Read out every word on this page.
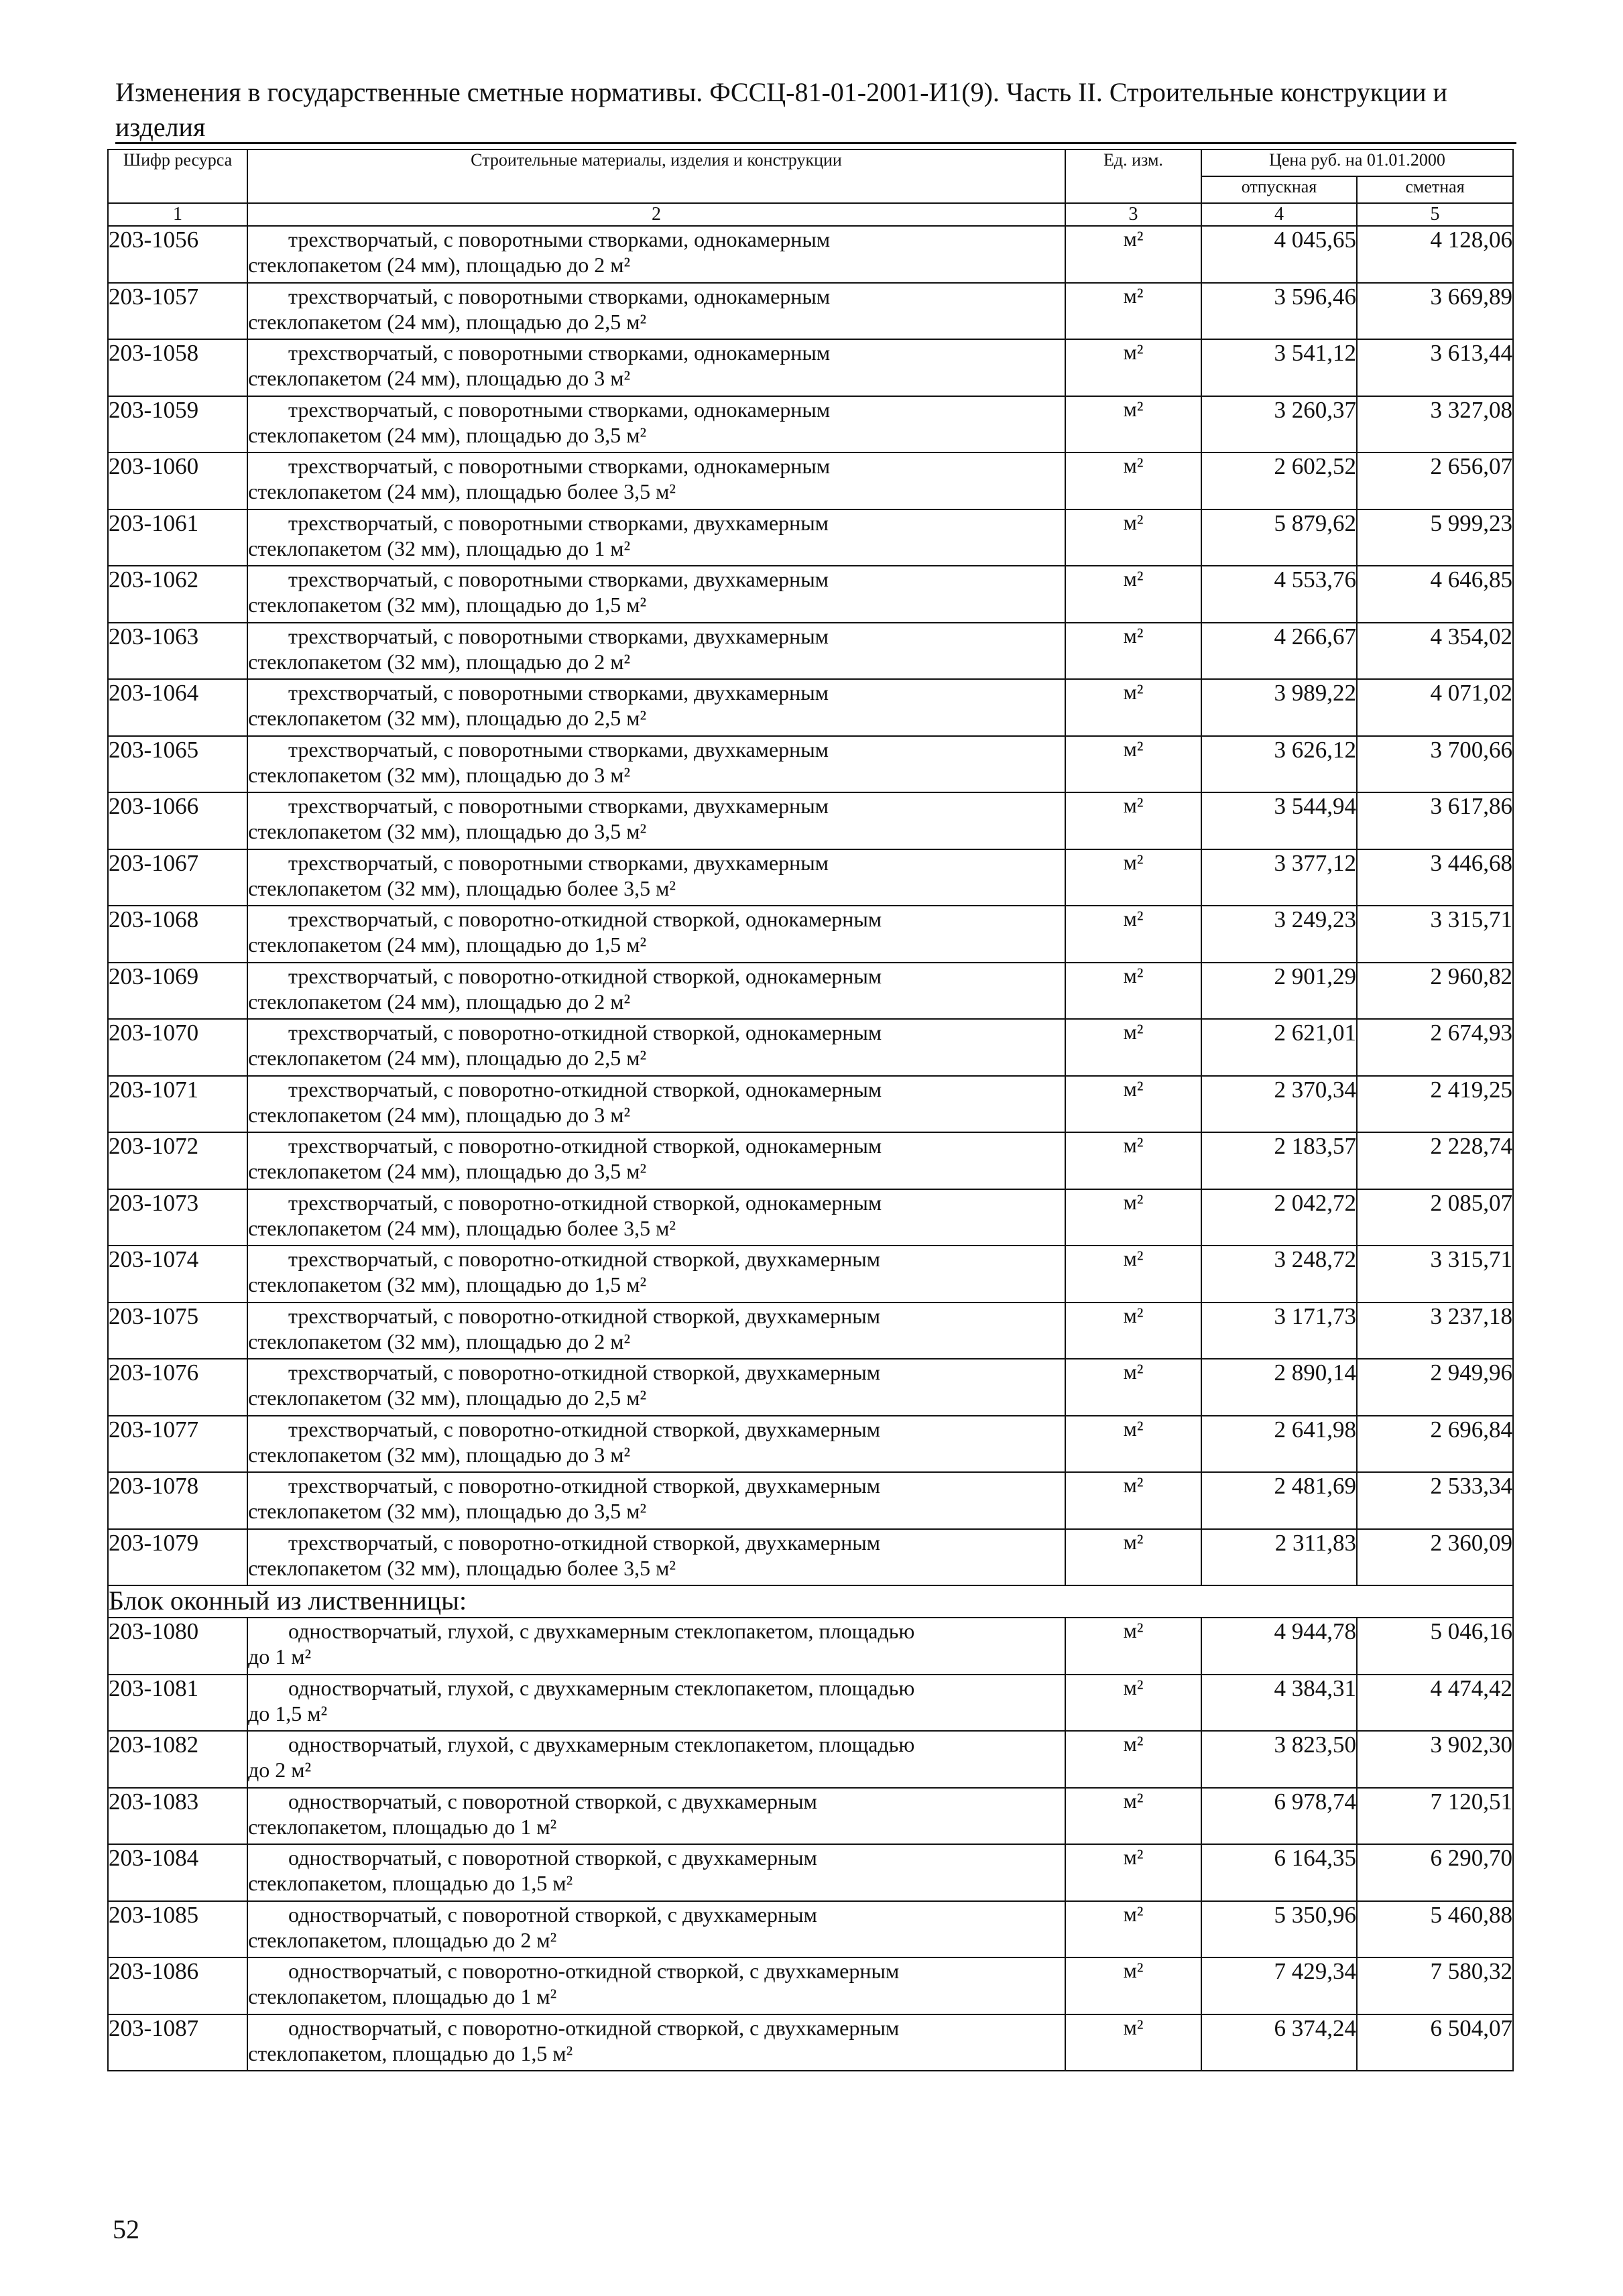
Изменения в государственные сметные нормативы. ФССЦ-81-01-2001-И1(9). Часть II. Строительные конструкции и изделия
Шифр ресурса	Строительные материалы, изделия и конструкции	Ед. изм.	Цена руб. на 01.01.2000	
			отпускная	сметная
1	2	3	4	5
203-1056	трехстворчатый, с поворотными створками, однокамерным
стеклопакетом (24 мм), площадью до 2 м²	м²	4 045,65	4 128,06
203-1057	трехстворчатый, с поворотными створками, однокамерным
стеклопакетом (24 мм), площадью до 2,5 м²	м²	3 596,46	3 669,89
203-1058	трехстворчатый, с поворотными створками, однокамерным
стеклопакетом (24 мм), площадью до 3 м²	м²	3 541,12	3 613,44
203-1059	трехстворчатый, с поворотными створками, однокамерным
стеклопакетом (24 мм), площадью до 3,5 м²	м²	3 260,37	3 327,08
203-1060	трехстворчатый, с поворотными створками, однокамерным
стеклопакетом (24 мм), площадью более 3,5 м²	м²	2 602,52	2 656,07
203-1061	трехстворчатый, с поворотными створками, двухкамерным
стеклопакетом (32 мм), площадью до 1 м²	м²	5 879,62	5 999,23
203-1062	трехстворчатый, с поворотными створками, двухкамерным
стеклопакетом (32 мм), площадью до 1,5 м²	м²	4 553,76	4 646,85
203-1063	трехстворчатый, с поворотными створками, двухкамерным
стеклопакетом (32 мм), площадью до 2 м²	м²	4 266,67	4 354,02
203-1064	трехстворчатый, с поворотными створками, двухкамерным
стеклопакетом (32 мм), площадью до 2,5 м²	м²	3 989,22	4 071,02
203-1065	трехстворчатый, с поворотными створками, двухкамерным
стеклопакетом (32 мм), площадью до 3 м²	м²	3 626,12	3 700,66
203-1066	трехстворчатый, с поворотными створками, двухкамерным
стеклопакетом (32 мм), площадью до 3,5 м²	м²	3 544,94	3 617,86
203-1067	трехстворчатый, с поворотными створками, двухкамерным
стеклопакетом (32 мм), площадью более 3,5 м²	м²	3 377,12	3 446,68
203-1068	трехстворчатый, с поворотно-откидной створкой, однокамерным
стеклопакетом (24 мм), площадью до 1,5 м²	м²	3 249,23	3 315,71
203-1069	трехстворчатый, с поворотно-откидной створкой, однокамерным
стеклопакетом (24 мм), площадью до 2 м²	м²	2 901,29	2 960,82
203-1070	трехстворчатый, с поворотно-откидной створкой, однокамерным
стеклопакетом (24 мм), площадью до 2,5 м²	м²	2 621,01	2 674,93
203-1071	трехстворчатый, с поворотно-откидной створкой, однокамерным
стеклопакетом (24 мм), площадью до 3 м²	м²	2 370,34	2 419,25
203-1072	трехстворчатый, с поворотно-откидной створкой, однокамерным
стеклопакетом (24 мм), площадью до 3,5 м²	м²	2 183,57	2 228,74
203-1073	трехстворчатый, с поворотно-откидной створкой, однокамерным
стеклопакетом (24 мм), площадью более 3,5 м²	м²	2 042,72	2 085,07
203-1074	трехстворчатый, с поворотно-откидной створкой, двухкамерным
стеклопакетом (32 мм), площадью до 1,5 м²	м²	3 248,72	3 315,71
203-1075	трехстворчатый, с поворотно-откидной створкой, двухкамерным
стеклопакетом (32 мм), площадью до 2 м²	м²	3 171,73	3 237,18
203-1076	трехстворчатый, с поворотно-откидной створкой, двухкамерным
стеклопакетом (32 мм), площадью до 2,5 м²	м²	2 890,14	2 949,96
203-1077	трехстворчатый, с поворотно-откидной створкой, двухкамерным
стеклопакетом (32 мм), площадью до 3 м²	м²	2 641,98	2 696,84
203-1078	трехстворчатый, с поворотно-откидной створкой, двухкамерным
стеклопакетом (32 мм), площадью до 3,5 м²	м²	2 481,69	2 533,34
203-1079	трехстворчатый, с поворотно-откидной створкой, двухкамерным
стеклопакетом (32 мм), площадью более 3,5 м²	м²	2 311,83	2 360,09
Блок оконный из лиственницы:				
203-1080	одностворчатый, глухой, с двухкамерным стеклопакетом, площадью
до 1 м²	м²	4 944,78	5 046,16
203-1081	одностворчатый, глухой, с двухкамерным стеклопакетом, площадью
до 1,5 м²	м²	4 384,31	4 474,42
203-1082	одностворчатый, глухой, с двухкамерным стеклопакетом, площадью
до 2 м²	м²	3 823,50	3 902,30
203-1083	одностворчатый, с поворотной створкой, с двухкамерным
стеклопакетом, площадью до 1 м²	м²	6 978,74	7 120,51
203-1084	одностворчатый, с поворотной створкой, с двухкамерным
стеклопакетом, площадью до 1,5 м²	м²	6 164,35	6 290,70
203-1085	одностворчатый, с поворотной створкой, с двухкамерным
стеклопакетом, площадью до 2 м²	м²	5 350,96	5 460,88
203-1086	одностворчатый, с поворотно-откидной створкой, с двухкамерным
стеклопакетом, площадью до 1 м²	м²	7 429,34	7 580,32
203-1087	одностворчатый, с поворотно-откидной створкой, с двухкамерным
стеклопакетом, площадью до 1,5 м²	м²	6 374,24	6 504,07
52
